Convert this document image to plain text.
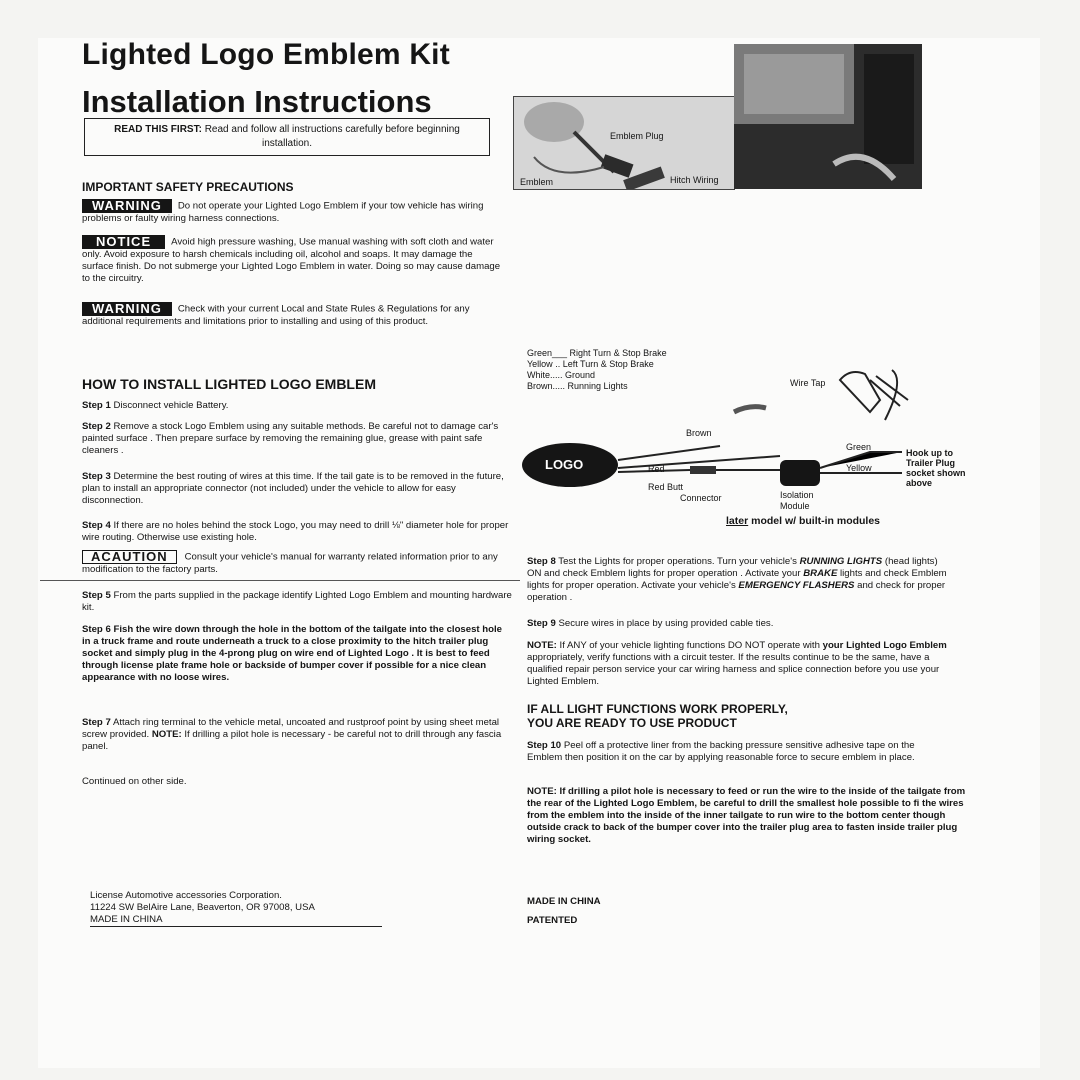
Lighted Logo Emblem Kit
Installation Instructions
READ THIS FIRST: Read and follow all instructions carefully before beginning installation.
IMPORTANT SAFETY PRECAUTIONS
WARNING Do not operate your Lighted Logo Emblem if your tow vehicle has wiring problems or faulty wiring harness connections.
NOTICE Avoid high pressure washing, Use manual washing with soft cloth and water only. Avoid exposure to harsh chemicals including oil, alcohol and soaps. It may damage the surface finish. Do not submerge your Lighted Logo Emblem in water. Doing so may cause damage to the circuitry.
WARNING Check with your current Local and State Rules & Regulations for any additional requirements and limitations prior to installing and using of this product.
HOW TO INSTALL LIGHTED LOGO EMBLEM
Step 1 Disconnect vehicle Battery.
Step 2 Remove a stock Logo Emblem using any suitable methods. Be careful not to damage car's painted surface . Then prepare surface by removing the remaining glue, grease with paint safe cleaners .
Step 3 Determine the best routing of wires at this time. If the tail gate is to be removed in the future, plan to install an appropriate connector (not included) under the vehicle to allow for easy disconnection.
Step 4 If there are no holes behind the stock Logo, you may need to drill ⅛" diameter hole for proper wire routing. Otherwise use existing hole.
ACAUTION Consult your vehicle's manual for warranty related information prior to any modification to the factory parts.
Step 5 From the parts supplied in the package identify Lighted Logo Emblem and mounting hardware kit.
Step 6 Fish the wire down through the hole in the bottom of the tailgate into the closest hole in a truck frame and route underneath a truck to a close proximity to the hitch trailer plug socket and simply plug in the 4-prong plug on wire end of Lighted Logo . It is best to feed through license plate frame hole or backside of bumper cover if possible for a nice clean appearance with no loose wires.
Step 7 Attach ring terminal to the vehicle metal, uncoated and rustproof point by using sheet metal screw provided. NOTE: If drilling a pilot hole is necessary - be careful not to drill through any fascia panel.
Continued on other side.
License Automotive accessories Corporation.
11224 SW BelAire Lane, Beaverton, OR 97008, USA
MADE IN CHINA
Emblem Plug
Hitch Wiring
Emblem
Green___ Right Turn & Stop Brake
Yellow .. Left Turn & Stop Brake
White..... Ground
Brown..... Running Lights
LOGO
Wire Tap
Brown
Green
Yellow
Red
Red Butt
Connector	Isolation Module
Hook up to Trailer Plug socket shown above
later model w/ built-in modules
Step 8 Test the Lights for proper operations. Turn your vehicle's RUNNING LIGHTS (head lights) ON and check Emblem lights for proper operation . Activate your BRAKE lights and check Emblem lights for proper operation. Activate your vehicle's EMERGENCY FLASHERS and check for proper operation .
Step 9 Secure wires in place by using provided cable ties.
NOTE: If ANY of your vehicle lighting functions DO NOT operate with your Lighted Logo Emblem appropriately, verify functions with a circuit tester. If the results continue to be the same, have a qualified repair person service your car wiring harness and splice connection before you use your Lighted Emblem.
IF ALL LIGHT FUNCTIONS WORK PROPERLY,
YOU ARE READY TO USE PRODUCT
Step 10 Peel off a protective liner from the backing pressure sensitive adhesive tape on the Emblem then position it on the car by applying reasonable force to secure emblem in place.
NOTE: If drilling a pilot hole is necessary to feed or run the wire to the inside of the tailgate from the rear of the Lighted Logo Emblem, be careful to drill the smallest hole possible to fi the wires from the emblem into the inside of the inner tailgate to run wire to the bottom center though outside crack to back of the bumper cover into the trailer plug area to fasten inside trailer plug wiring socket.
MADE IN CHINA
PATENTED
